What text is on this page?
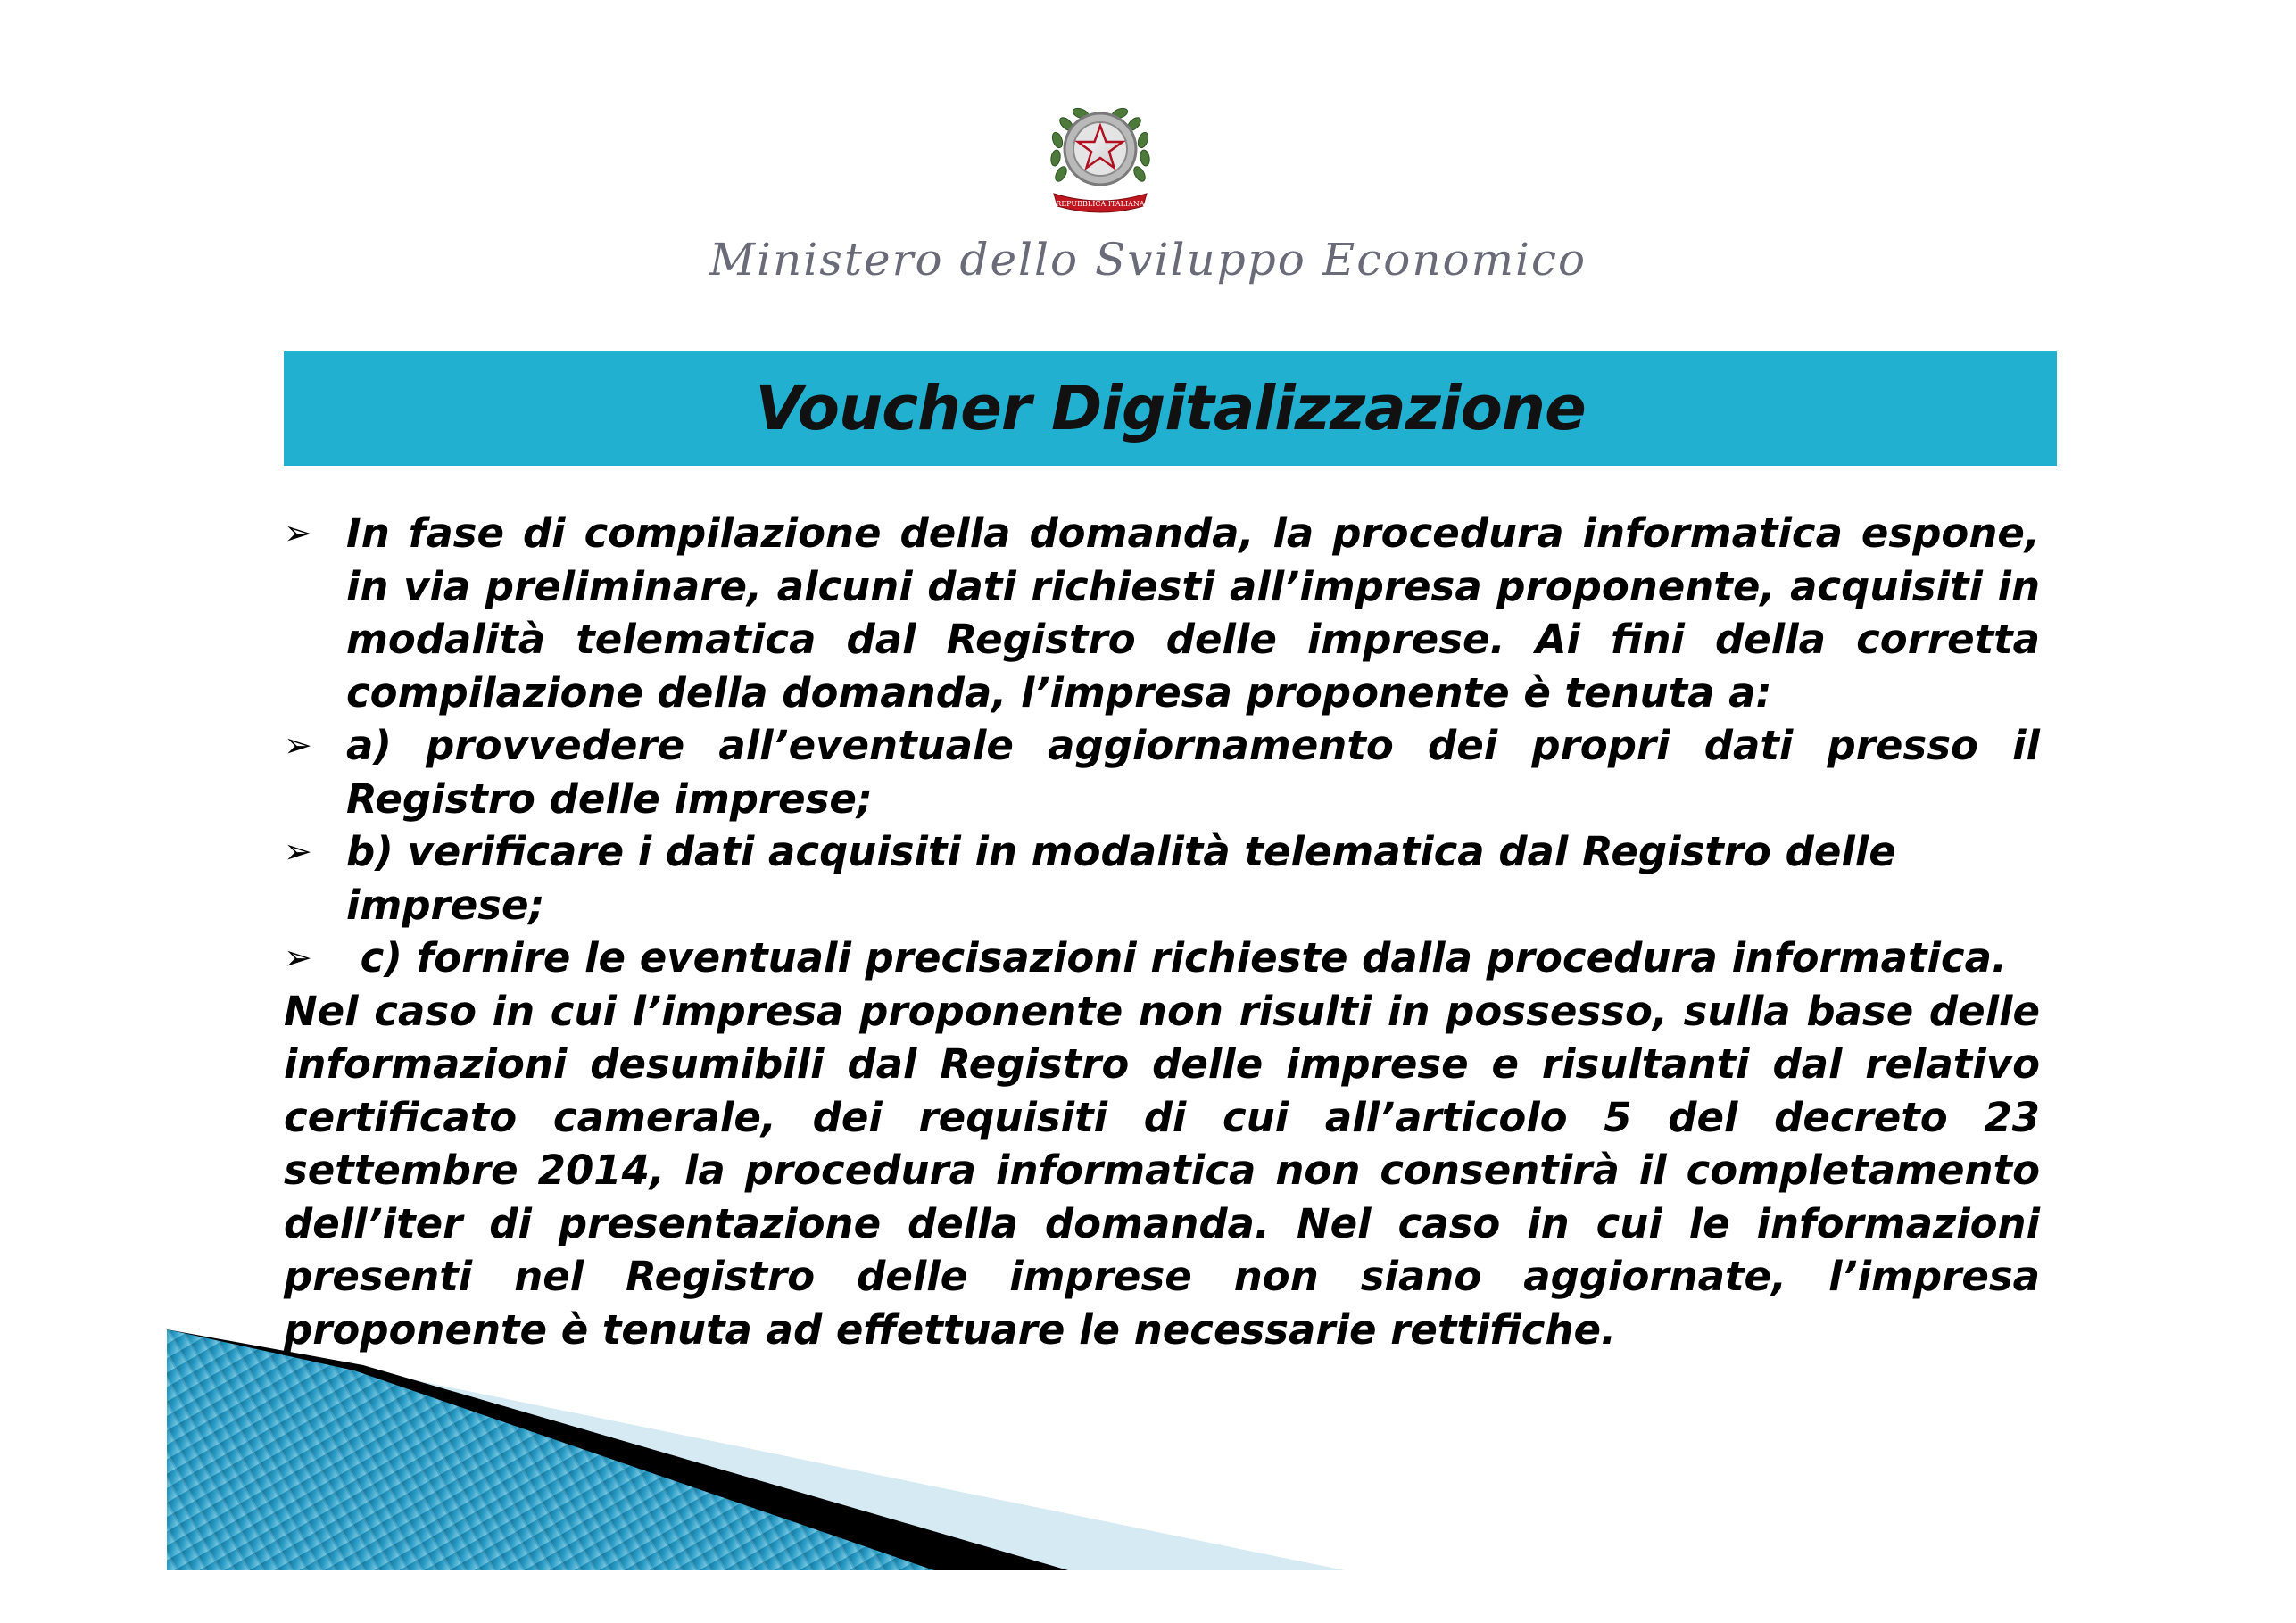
REPUBBLICA ITALIANA
Ministero dello Sviluppo Economico
Voucher Digitalizzazione
➢ In fase di compilazione della domanda, la procedura informatica espone, in via preliminare, alcuni dati richiesti all’impresa proponente, acquisiti in modalità telematica dal Registro delle imprese. Ai fini della corretta compilazione della domanda, l’impresa proponente è tenuta a:
➢ a) provvedere all’eventuale aggiornamento dei propri dati presso il Registro delle imprese;
➢ b) verificare i dati acquisiti in modalità telematica dal Registro delle imprese;
➢ c) fornire le eventuali precisazioni richieste dalla procedura informatica.
Nel caso in cui l’impresa proponente non risulti in possesso, sulla base delle informazioni desumibili dal Registro delle imprese e risultanti dal relativo certificato camerale, dei requisiti di cui all’articolo 5 del decreto 23 settembre 2014, la procedura informatica non consentirà il completamento dell’iter di presentazione della domanda. Nel caso in cui le informazioni presenti nel Registro delle imprese non siano aggiornate, l’impresa proponente è tenuta ad effettuare le necessarie rettifiche.
